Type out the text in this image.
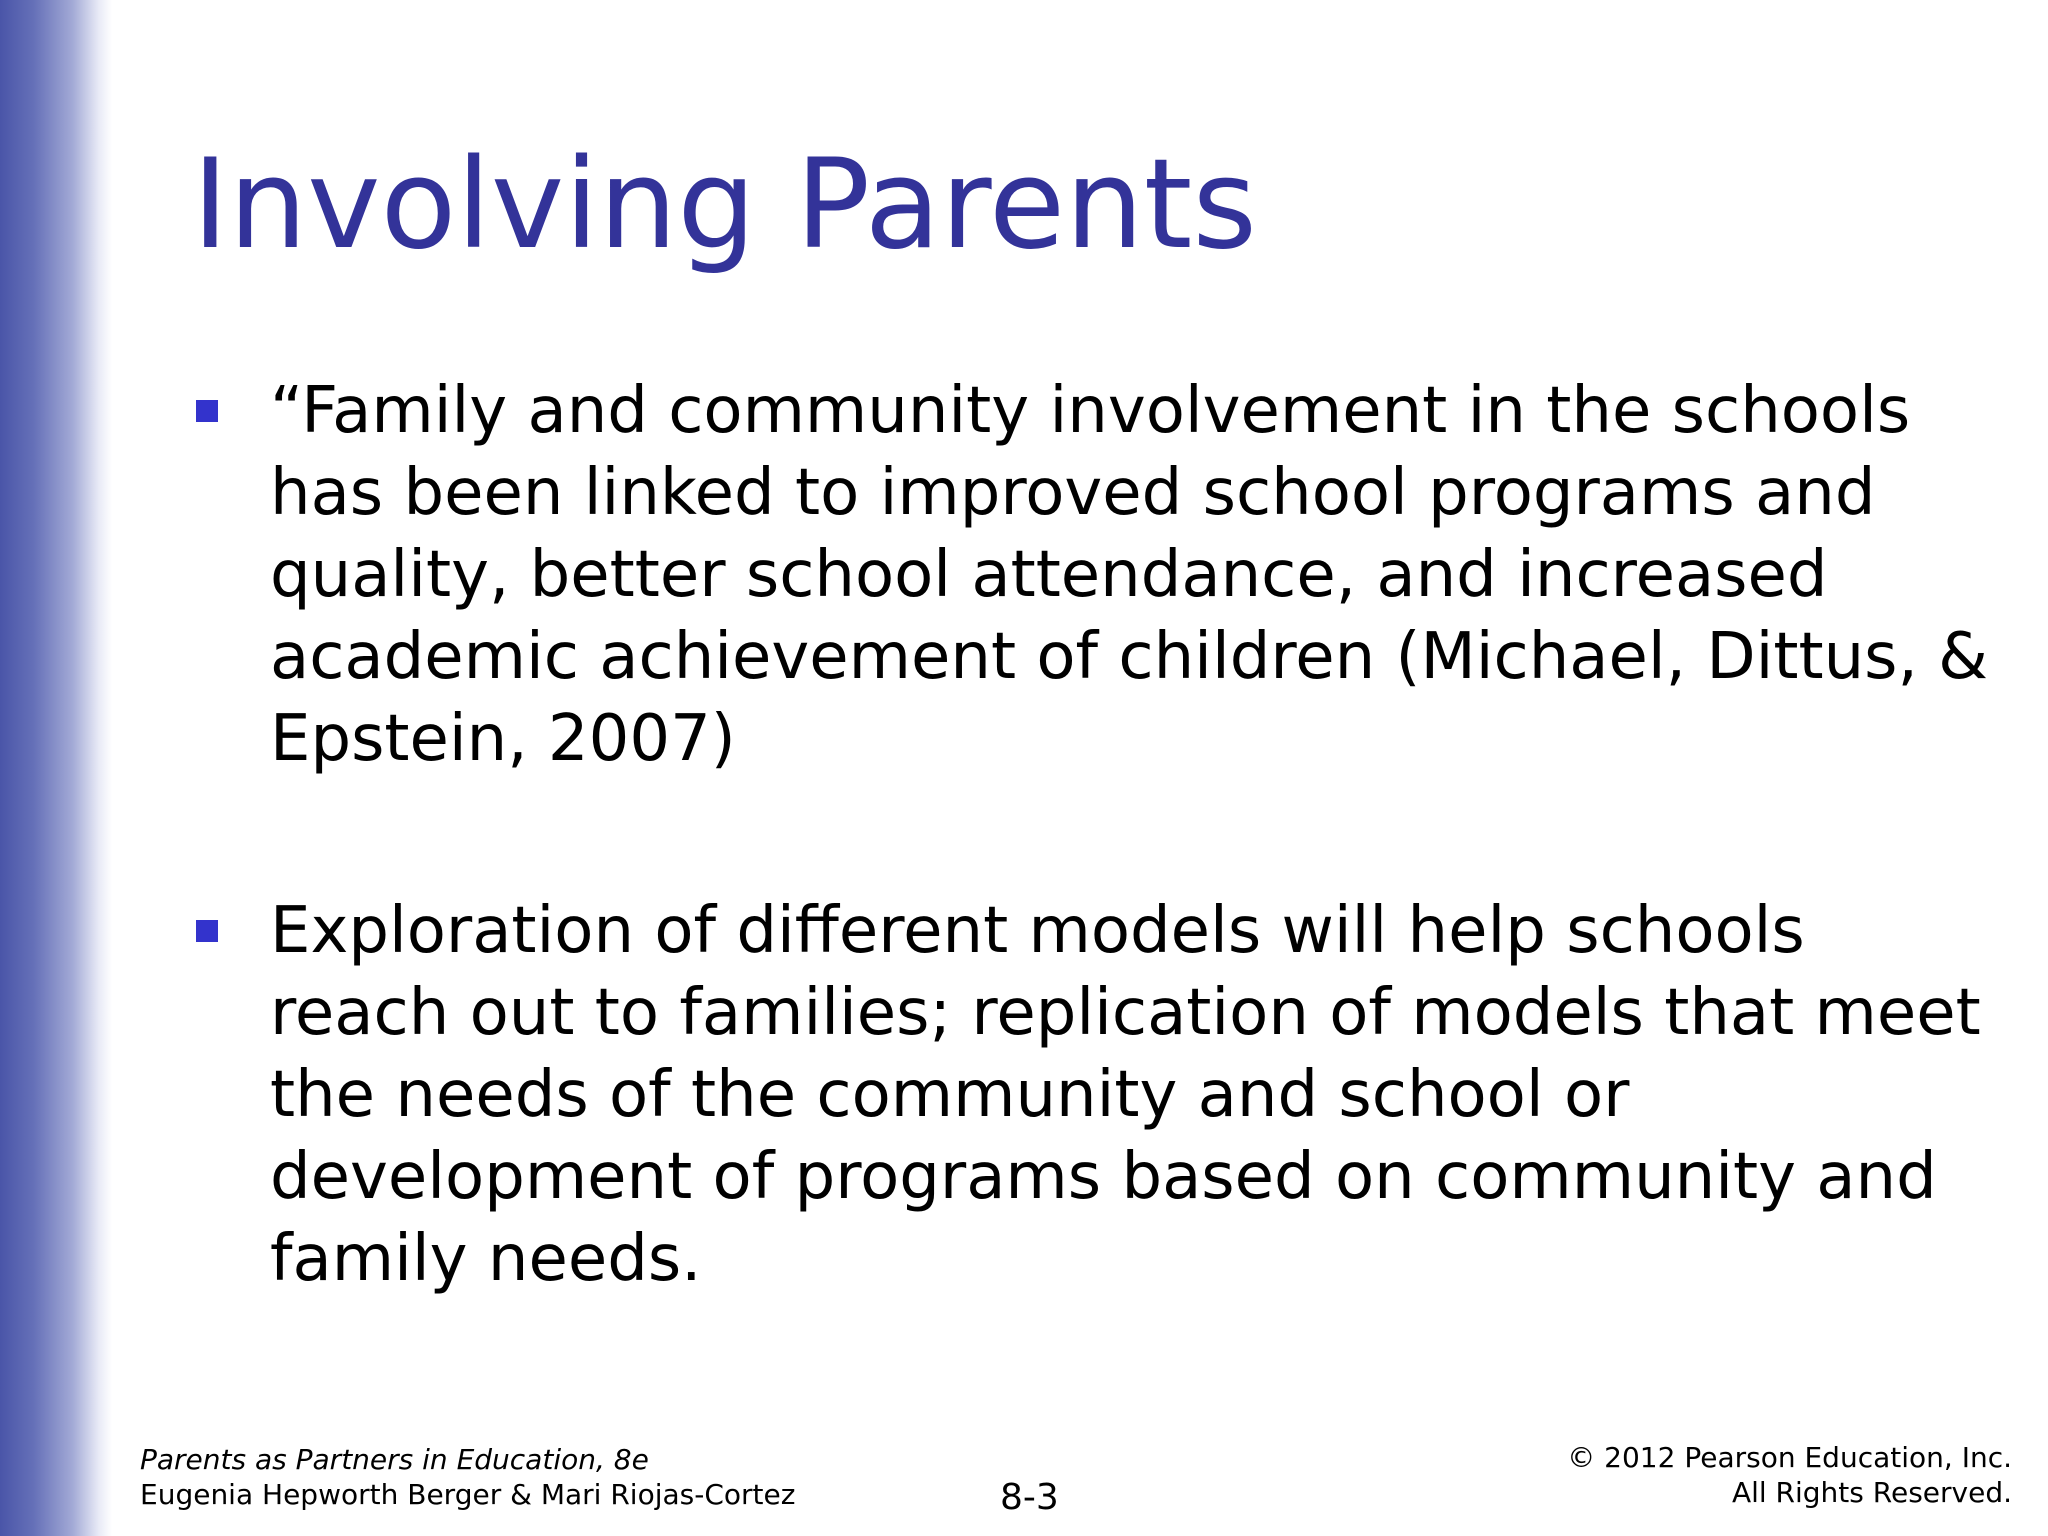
Involving Parents
“Family and community involvement in the schools has been linked to improved school programs and quality, better school attendance, and increased academic achievement of children (Michael, Dittus, & Epstein, 2007)
Exploration of different models will help schools reach out to families; replication of models that meet the needs of the community and school or development of programs based on community and family needs.
Parents as Partners in Education, 8e
Eugenia Hepworth Berger & Mari Riojas-Cortez	8-3
© 2012 Pearson Education, Inc.
All Rights Reserved.
